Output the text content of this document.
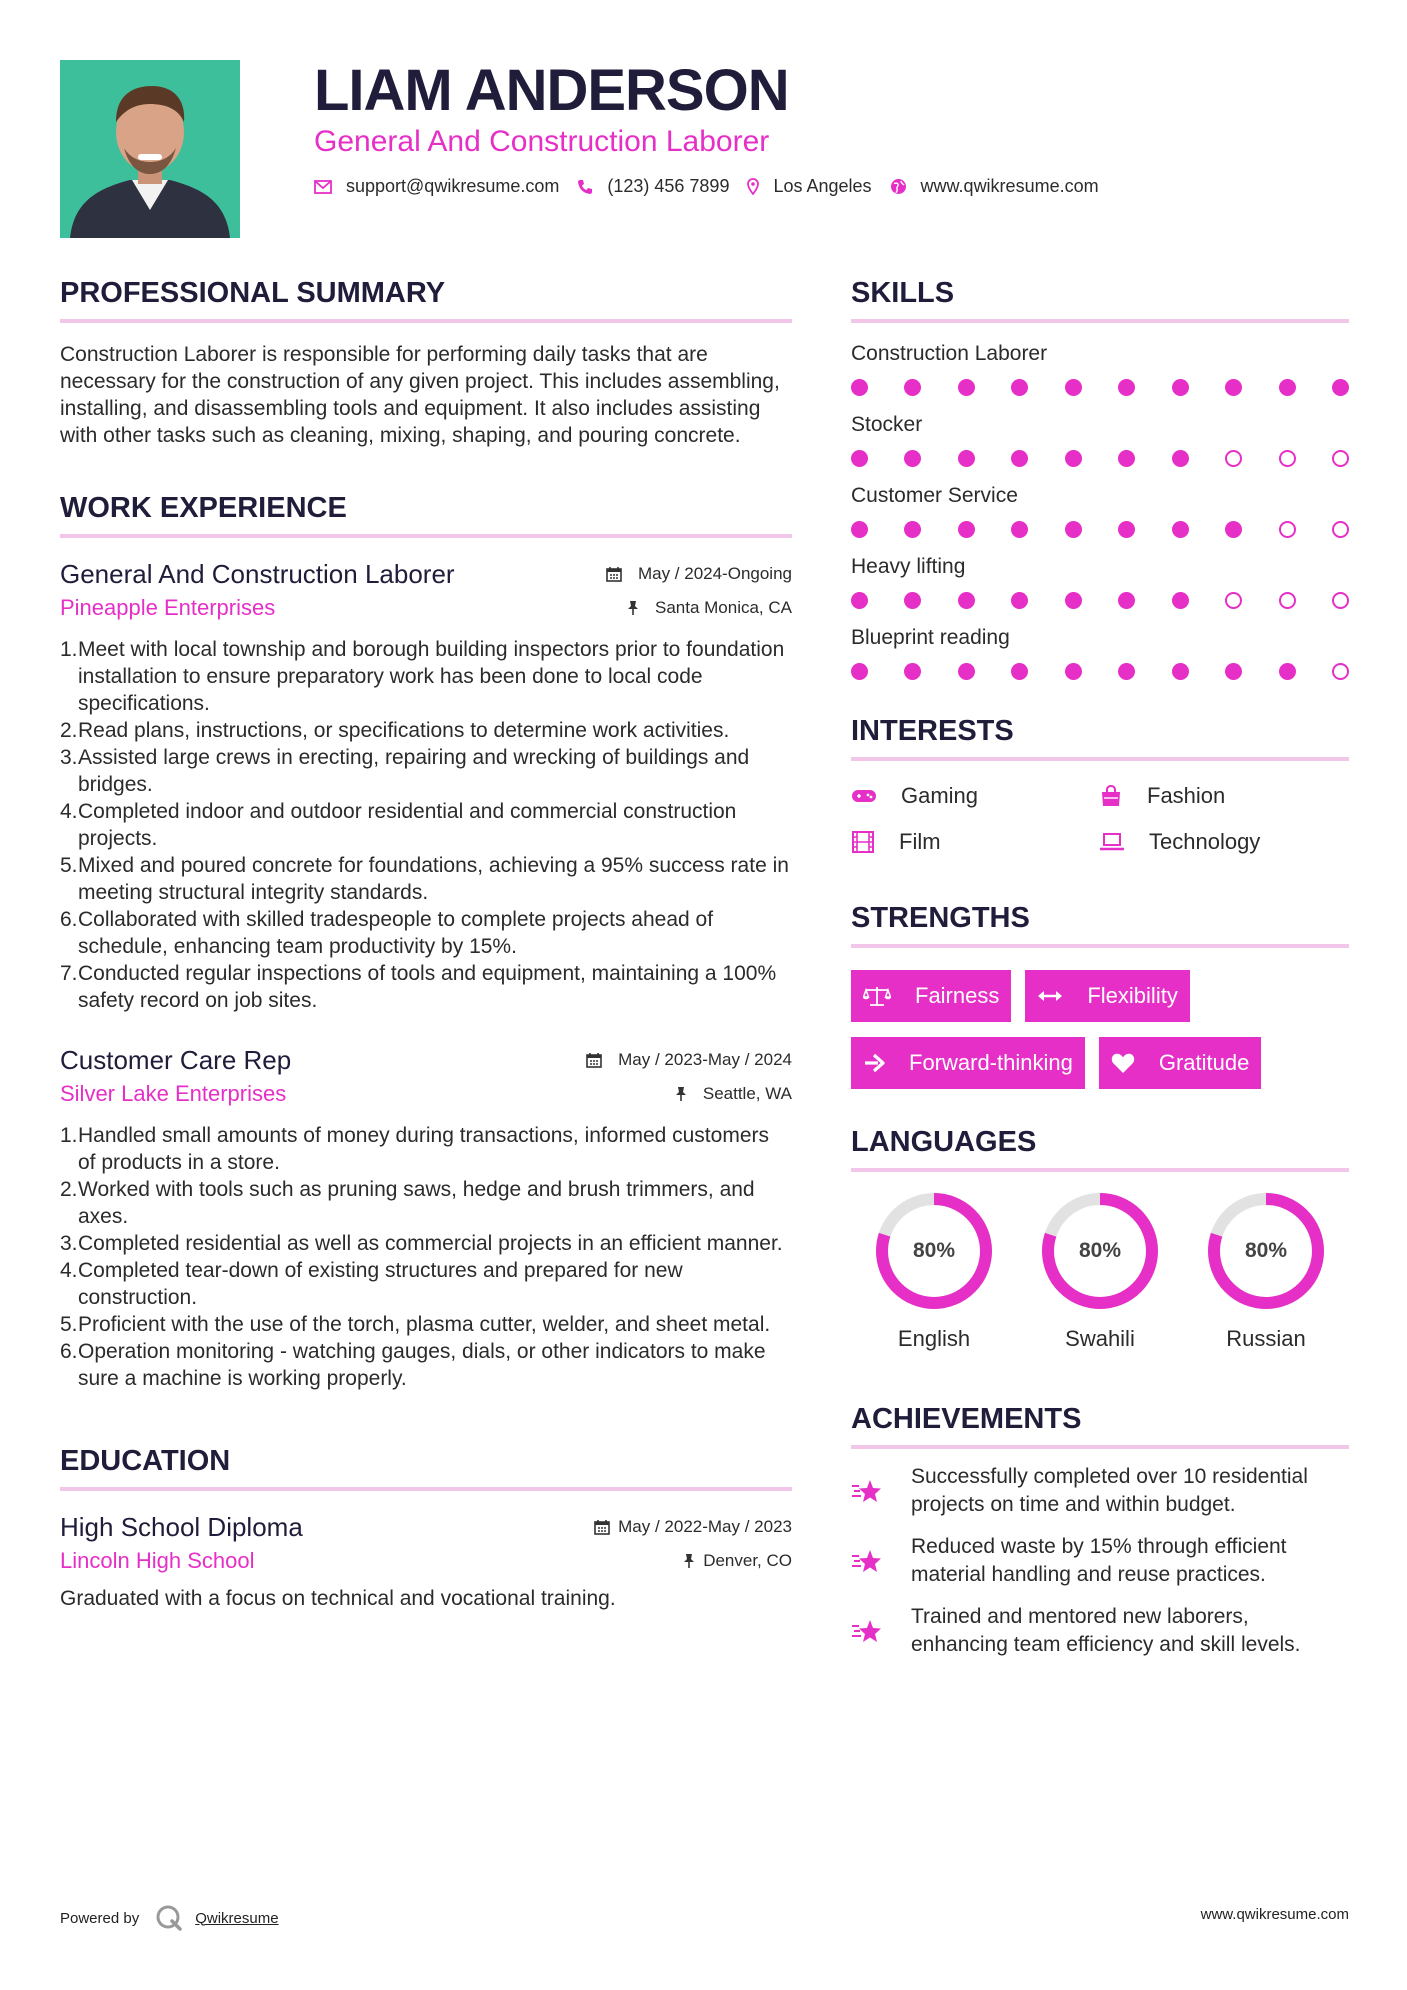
LIAM ANDERSON
General And Construction Laborer
support@qwikresume.com	(123) 456 7899 Los Angeles	www.qwikresume.com
PROFESSIONAL SUMMARY

Construction Laborer is responsible for performing daily tasks that are necessary for the construction of any given project. This includes assembling, installing, and disassembling tools and equipment. It also includes assisting with other tasks such as cleaning, mixing, shaping, and pouring concrete.

WORK EXPERIENCE
General And Construction Laborer	May / 2024-Ongoing
Pineapple Enterprises	Santa Monica, CA
1. Meet with local township and borough building inspectors prior to foundation installation to ensure preparatory work has been done to local code specifications.
2. Read plans, instructions, or specifications to determine work activities.
3. Assisted large crews in erecting, repairing and wrecking of buildings and bridges.
4. Completed indoor and outdoor residential and commercial construction projects.
5. Mixed and poured concrete for foundations, achieving a 95% success rate in meeting structural integrity standards.
6. Collaborated with skilled tradespeople to complete projects ahead of schedule, enhancing team productivity by 15%.
7. Conducted regular inspections of tools and equipment, maintaining a 100% safety record on job sites.
Customer Care Rep	May / 2023-May / 2024
Silver Lake Enterprises	Seattle, WA
1. Handled small amounts of money during transactions, informed customers of products in a store.
2. Worked with tools such as pruning saws, hedge and brush trimmers, and axes.
3. Completed residential as well as commercial projects in an efficient manner.
4. Completed tear-down of existing structures and prepared for new construction.
5. Proficient with the use of the torch, plasma cutter, welder, and sheet metal.
6. Operation monitoring - watching gauges, dials, or other indicators to make sure a machine is working properly.
EDUCATION
High School Diploma	May / 2022-May / 2023
Lincoln High School	Denver, CO

Graduated with a focus on technical and vocational training.

SKILLS
Construction Laborer
Stocker
Customer Service
Heavy lifting
Blueprint reading
INTERESTS
Gaming	Fashion
Film	Technology
STRENGTHS
Fairness	Flexibility
Forward-thinking	Gratitude
LANGUAGES
80%
English
80%
Swahili
80%
Russian
ACHIEVEMENTS
Successfully completed over 10 residential projects on time and within budget.
Reduced waste by 15% through efficient material handling and reuse practices.
Trained and mentored new laborers, enhancing team efficiency and skill levels.
Powered by	Qwikresume	www.qwikresume.com
